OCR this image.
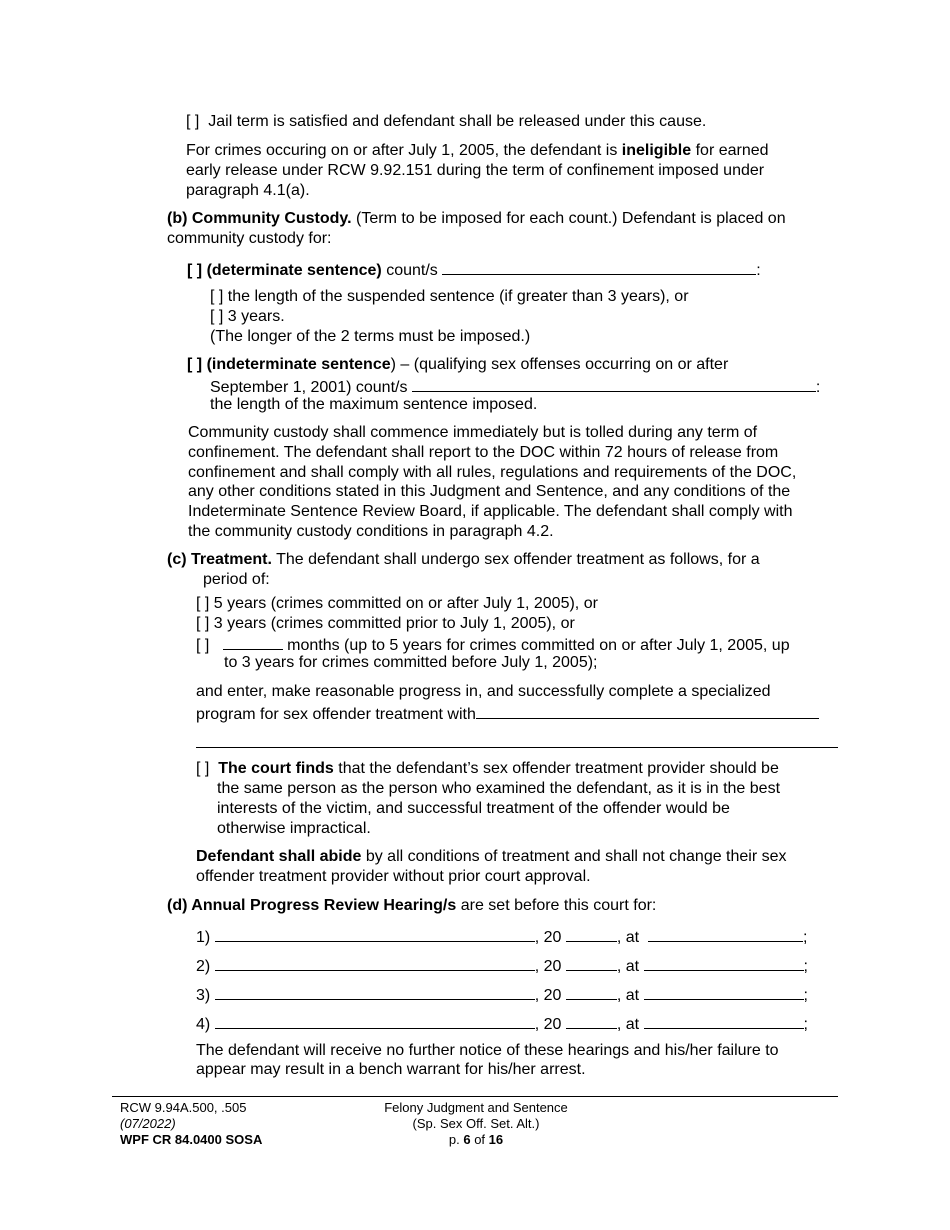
[ ] Jail term is satisfied and defendant shall be released under this cause.
For crimes occuring on or after July 1, 2005, the defendant is ineligible for earned
early release under RCW 9.92.151 during the term of confinement imposed under
paragraph 4.1(a).
(b) Community Custody. (Term to be imposed for each count.) Defendant is placed on
community custody for:
[ ] (determinate sentence) count/s	:
[ ] the length of the suspended sentence (if greater than 3 years), or
[ ] 3 years.
(The longer of the 2 terms must be imposed.)
[ ] (indeterminate sentence) – (qualifying sex offenses occurring on or after
September 1, 2001) count/s	:
the length of the maximum sentence imposed.
Community custody shall commence immediately but is tolled during any term of
confinement. The defendant shall report to the DOC within 72 hours of release from
confinement and shall comply with all rules, regulations and requirements of the DOC,
any other conditions stated in this Judgment and Sentence, and any conditions of the
Indeterminate Sentence Review Board, if applicable. The defendant shall comply with
the community custody conditions in paragraph 4.2.
(c) Treatment. The defendant shall undergo sex offender treatment as follows, for a
period of:
[ ] 5 years (crimes committed on or after July 1, 2005), or
[ ] 3 years (crimes committed prior to July 1, 2005), or
[ ]	months (up to 5 years for crimes committed on or after July 1, 2005, up
to 3 years for crimes committed before July 1, 2005);
and enter, make reasonable progress in, and successfully complete a specialized
program for sex offender treatment with
[ ] The court finds that the defendant’s sex offender treatment provider should be
the same person as the person who examined the defendant, as it is in the best
interests of the victim, and successful treatment of the offender would be
otherwise impractical.
Defendant shall abide by all conditions of treatment and shall not change their sex
offender treatment provider without prior court approval.
(d) Annual Progress Review Hearing/s are set before this court for:
1)	, 20	, at	;
2)	, 20	, at	;
3)	, 20	, at	;
4)	, 20	, at	;
The defendant will receive no further notice of these hearings and his/her failure to
appear may result in a bench warrant for his/her arrest.
RCW 9.94A.500, .505
(07/2022)
WPF CR 84.0400 SOSA
Felony Judgment and Sentence
(Sp. Sex Off. Set. Alt.)
p. 6 of 16
